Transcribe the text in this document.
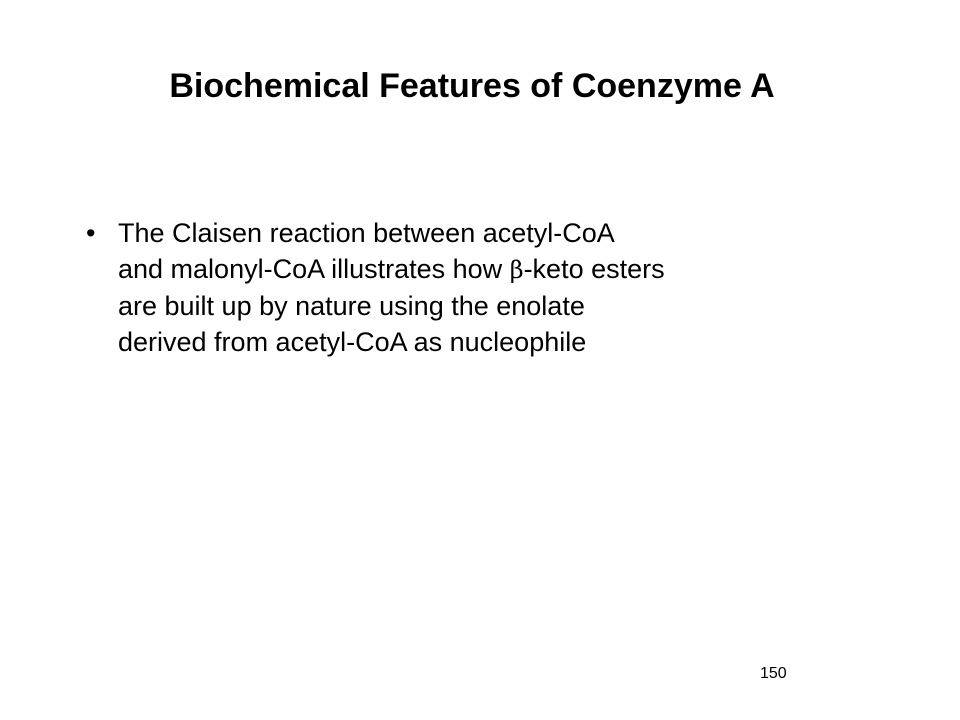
Biochemical Features of Coenzyme A
• The Claisen reaction between acetyl-CoA
and malonyl-CoA illustrates how β-keto esters
are built up by nature using the enolate
derived from acetyl-CoA as nucleophile
150
